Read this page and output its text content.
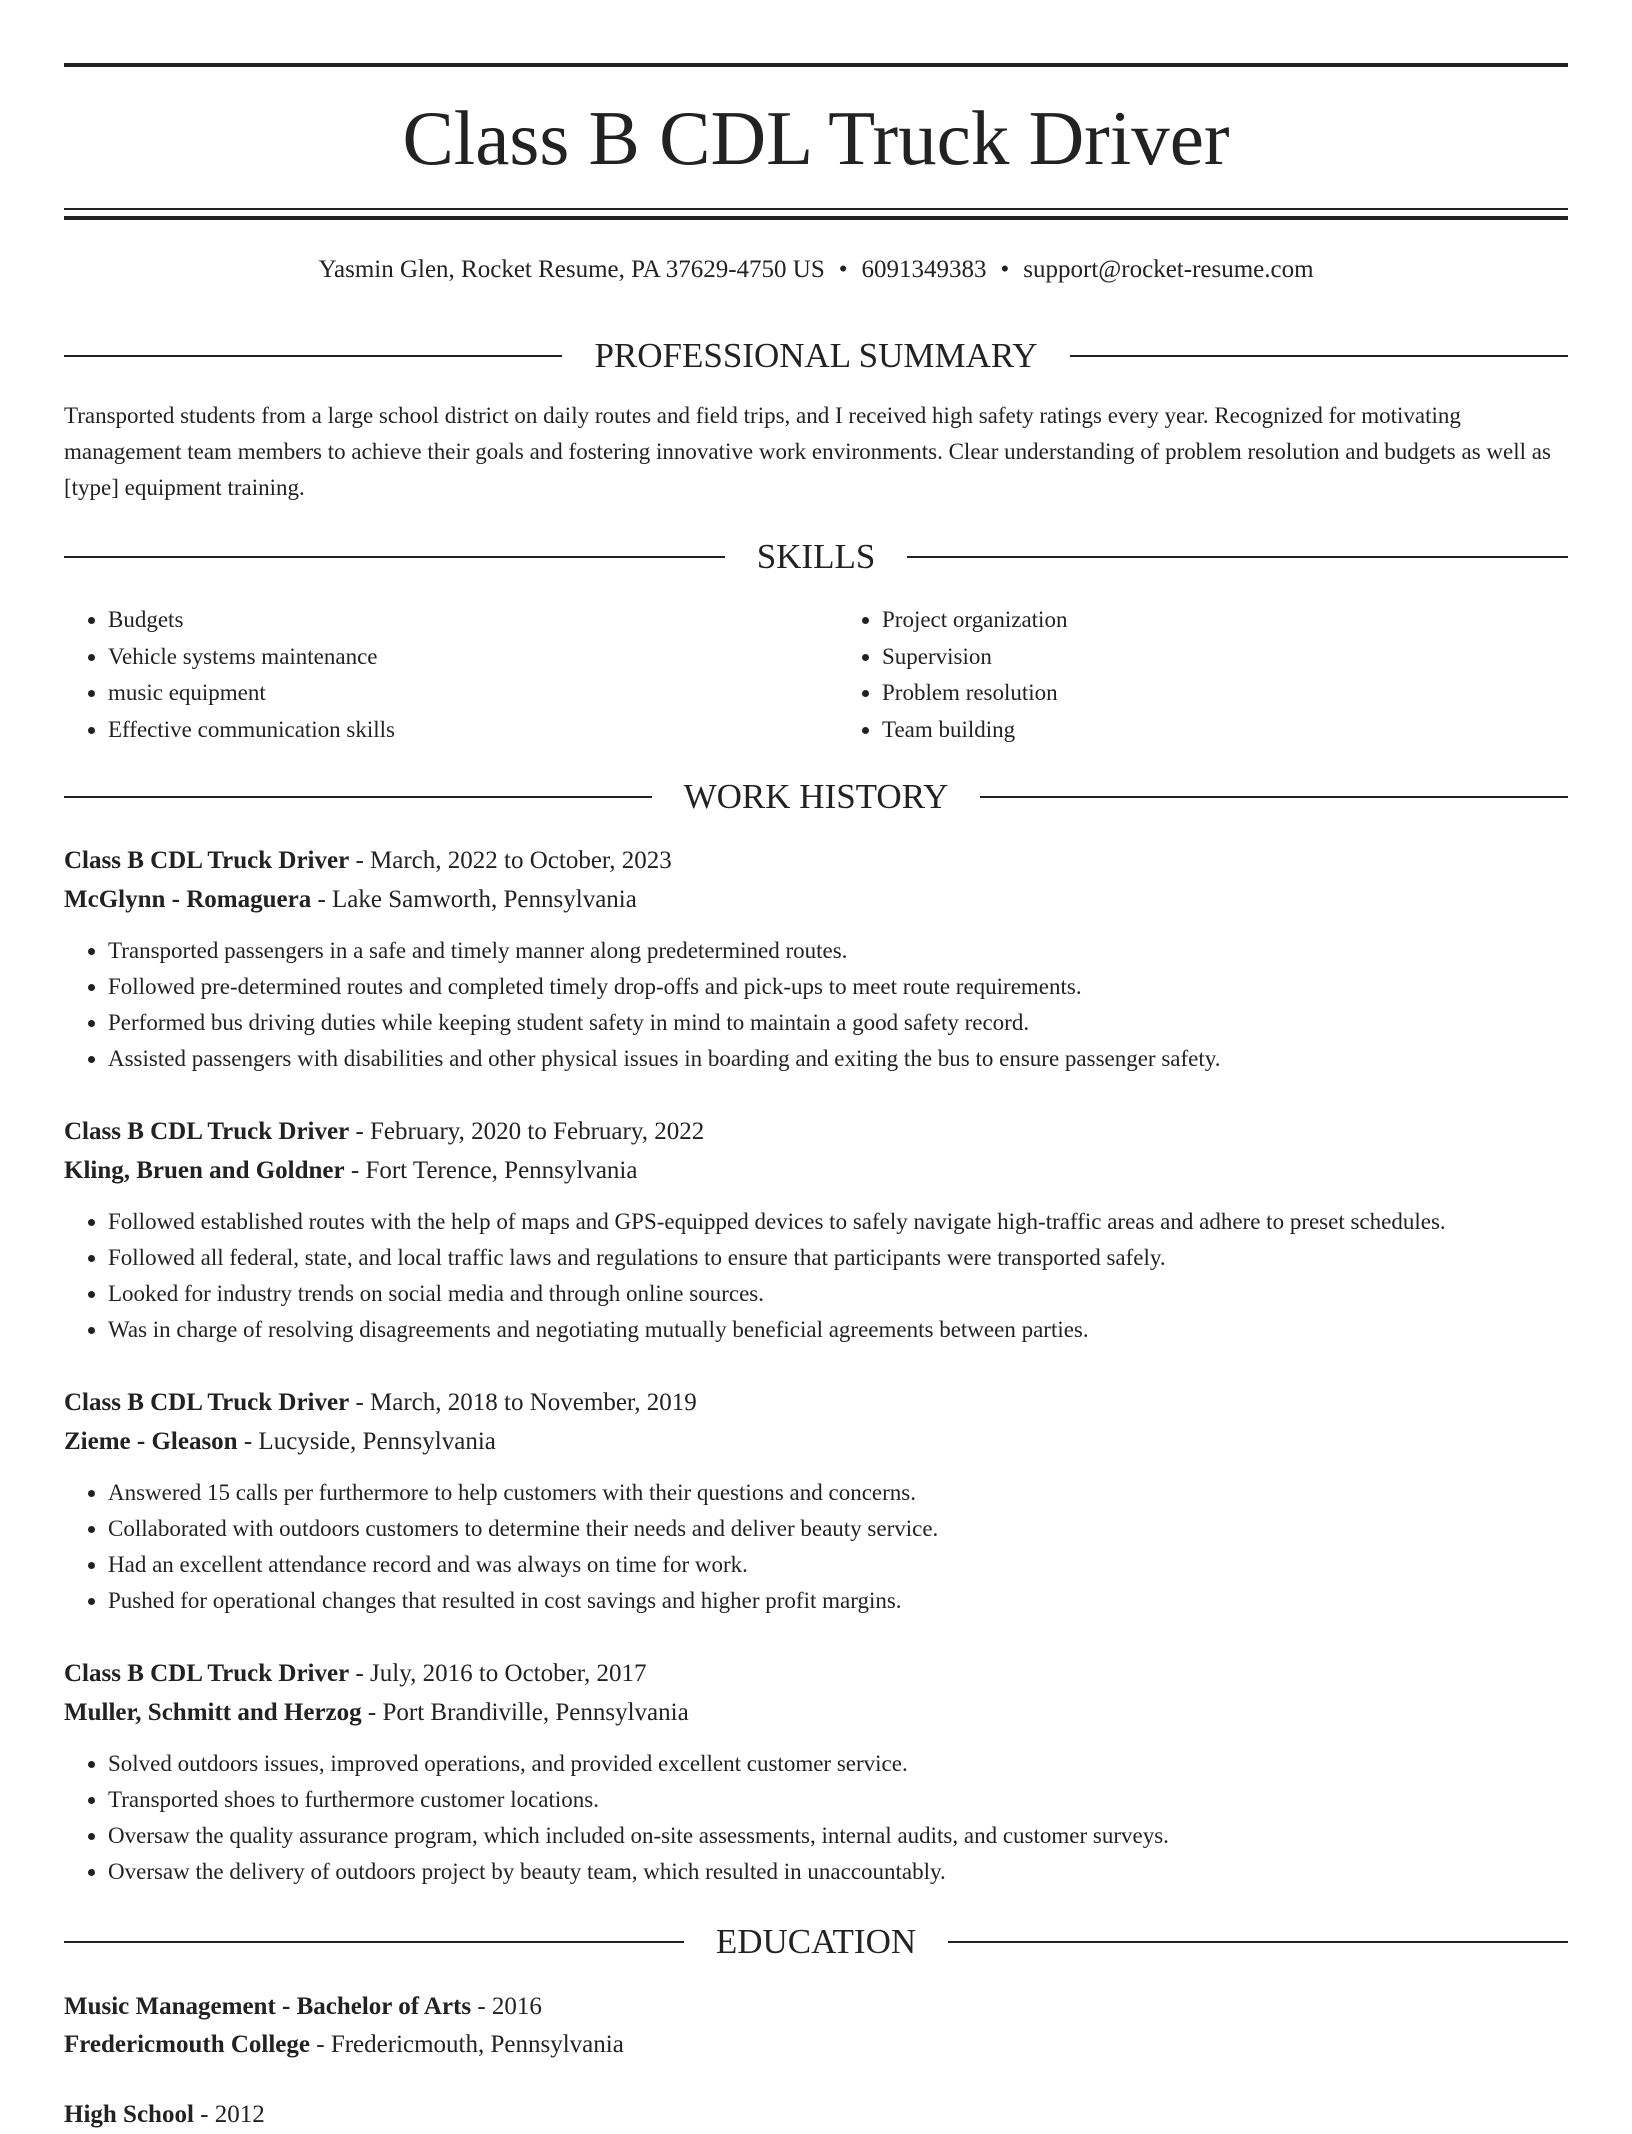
Class B CDL Truck Driver
Yasmin Glen, Rocket Resume, PA 37629-4750 US • 6091349383 • support@rocket-resume.com
PROFESSIONAL SUMMARY

Transported students from a large school district on daily routes and field trips, and I received high safety ratings every year. Recognized for motivating management team members to achieve their goals and fostering innovative work environments. Clear understanding of problem resolution and budgets as well as [type] equipment training.

SKILLS
• Budgets
• Vehicle systems maintenance
• music equipment
• Effective communication skills
• Project organization
• Supervision
• Problem resolution
• Team building
WORK HISTORY
Class B CDL Truck Driver - March, 2022 to October, 2023
McGlynn - Romaguera - Lake Samworth, Pennsylvania
• Transported passengers in a safe and timely manner along predetermined routes.
• Followed pre-determined routes and completed timely drop-offs and pick-ups to meet route requirements.
• Performed bus driving duties while keeping student safety in mind to maintain a good safety record.
• Assisted passengers with disabilities and other physical issues in boarding and exiting the bus to ensure passenger safety.
Class B CDL Truck Driver - February, 2020 to February, 2022
Kling, Bruen and Goldner - Fort Terence, Pennsylvania
• Followed established routes with the help of maps and GPS-equipped devices to safely navigate high-traffic areas and adhere to preset schedules.
• Followed all federal, state, and local traffic laws and regulations to ensure that participants were transported safely.
• Looked for industry trends on social media and through online sources.
• Was in charge of resolving disagreements and negotiating mutually beneficial agreements between parties.
Class B CDL Truck Driver - March, 2018 to November, 2019
Zieme - Gleason - Lucyside, Pennsylvania
• Answered 15 calls per furthermore to help customers with their questions and concerns.
• Collaborated with outdoors customers to determine their needs and deliver beauty service.
• Had an excellent attendance record and was always on time for work.
• Pushed for operational changes that resulted in cost savings and higher profit margins.
Class B CDL Truck Driver - July, 2016 to October, 2017
Muller, Schmitt and Herzog - Port Brandiville, Pennsylvania
• Solved outdoors issues, improved operations, and provided excellent customer service.
• Transported shoes to furthermore customer locations.
• Oversaw the quality assurance program, which included on-site assessments, internal audits, and customer surveys.
• Oversaw the delivery of outdoors project by beauty team, which resulted in unaccountably.
EDUCATION
Music Management - Bachelor of Arts - 2016
Fredericmouth College - Fredericmouth, Pennsylvania
High School - 2012
